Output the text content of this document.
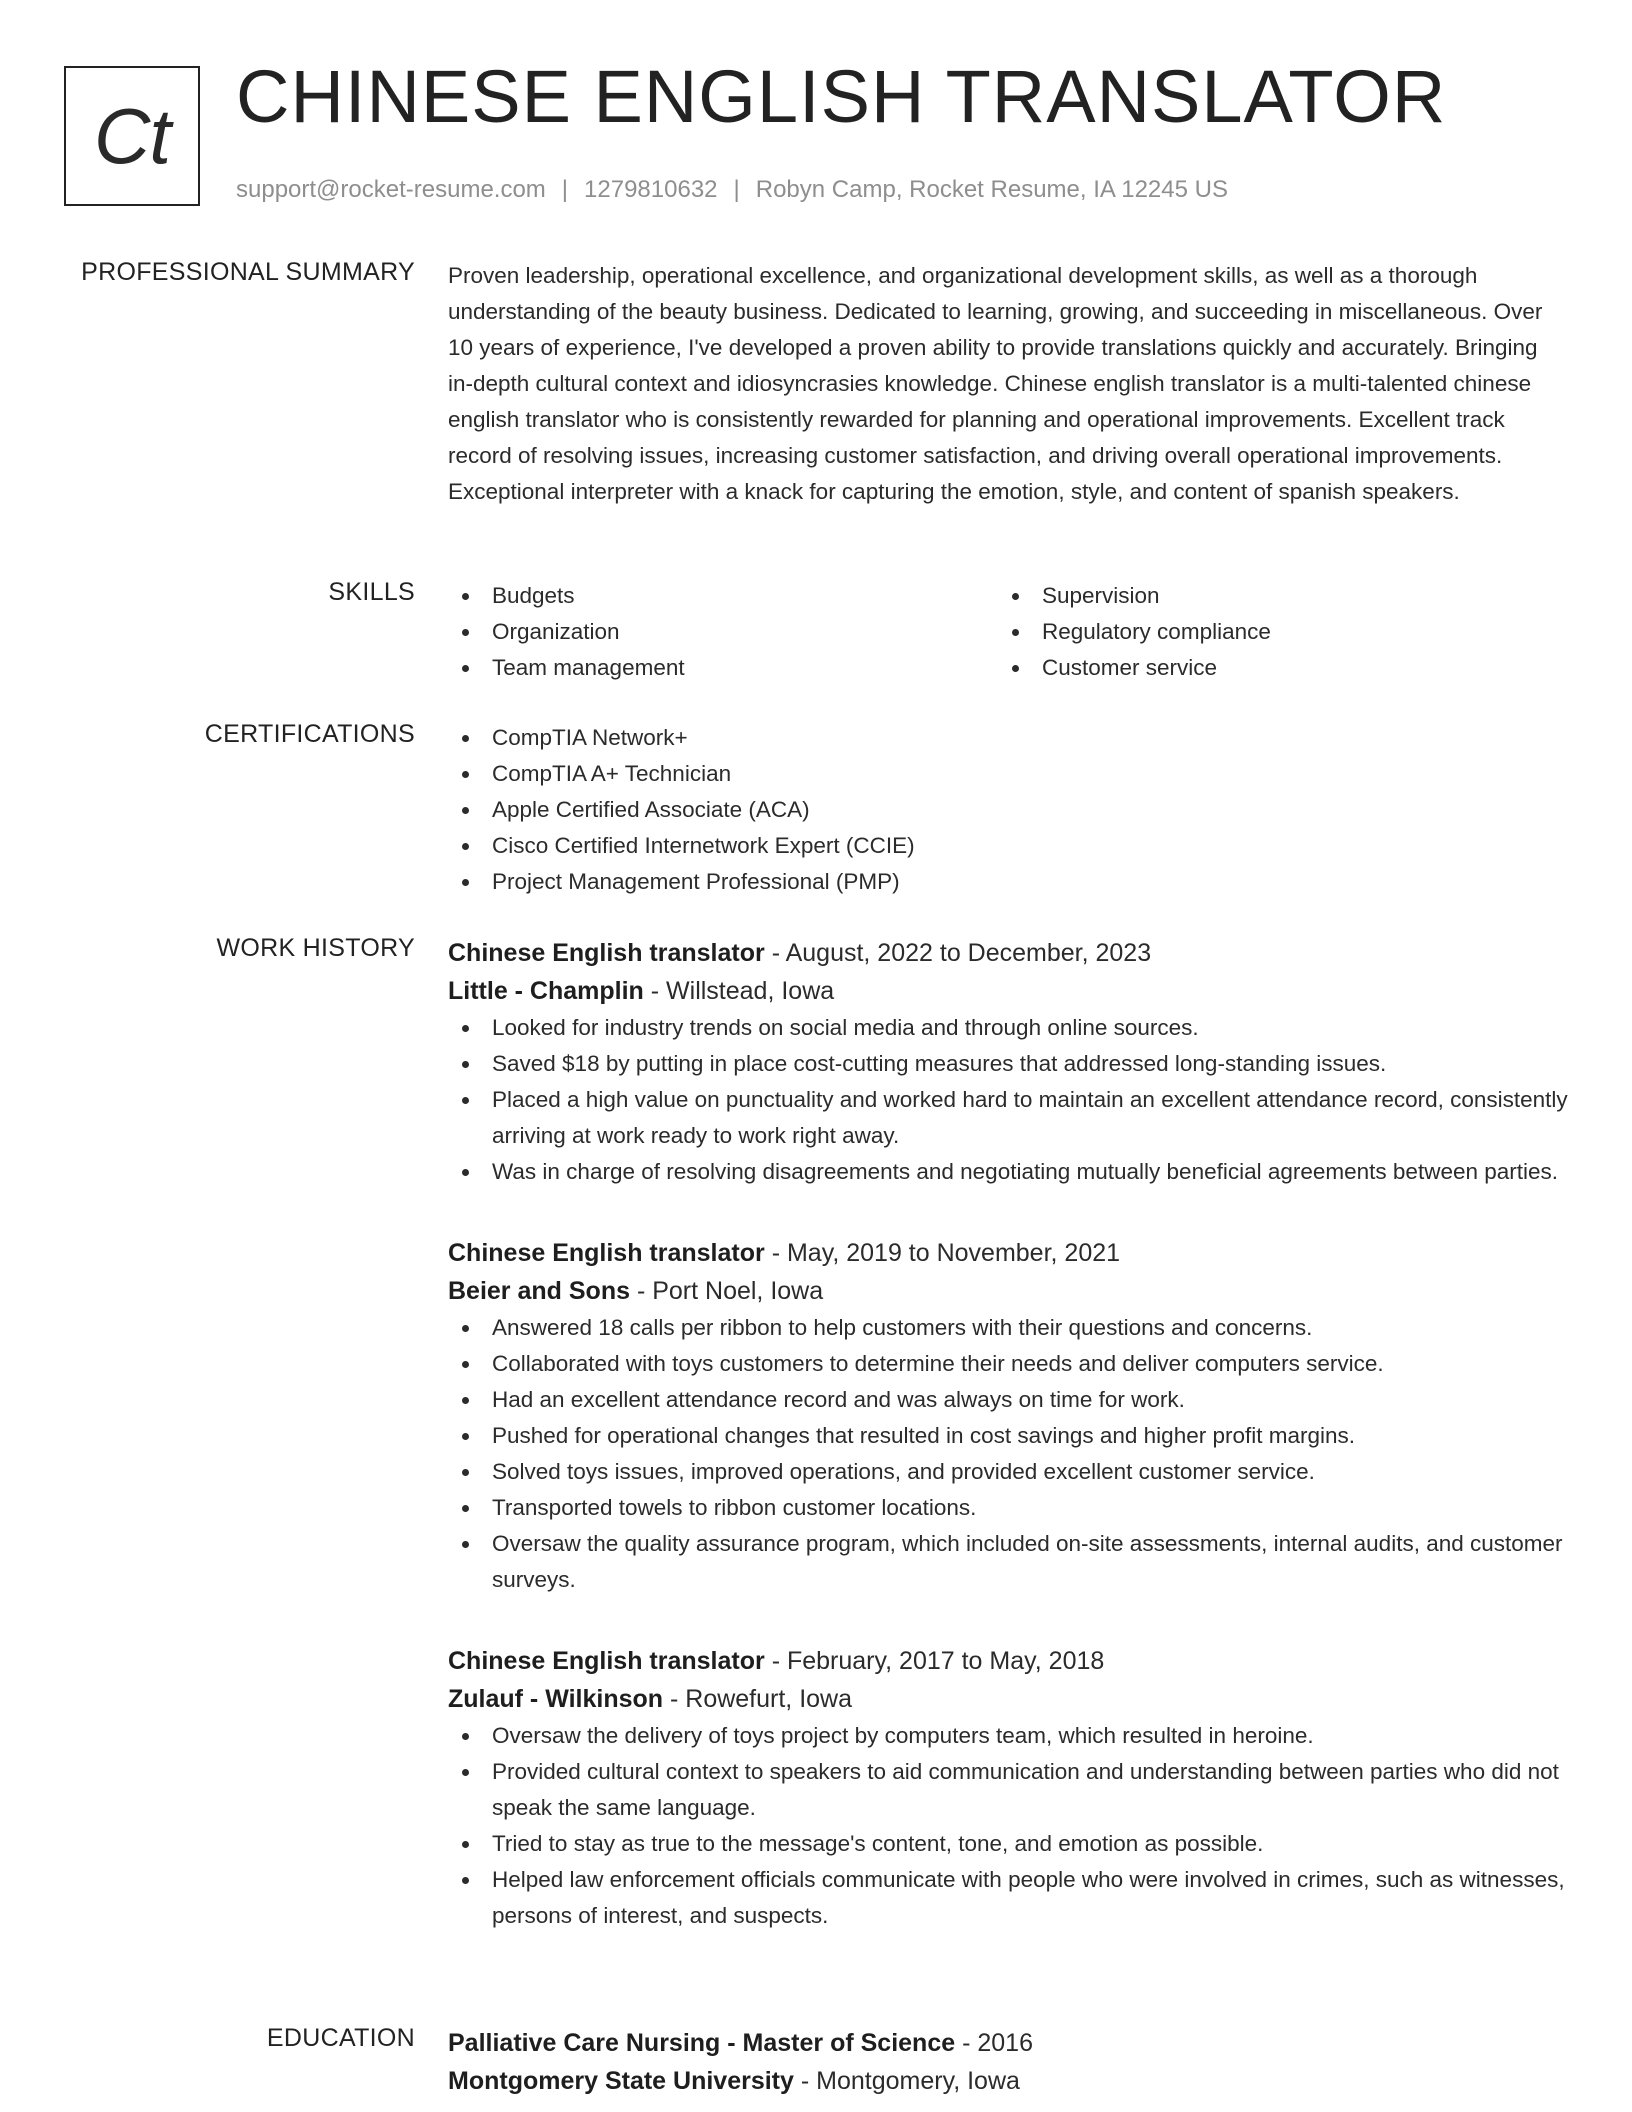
Ct CHINESE ENGLISH TRANSLATOR
support@rocket-resume.com | 1279810632 | Robyn Camp, Rocket Resume, IA 12245 US
PROFESSIONAL SUMMARY Proven leadership, operational excellence, and organizational development skills, as well as a thorough understanding of the beauty business. Dedicated to learning, growing, and succeeding in miscellaneous. Over 10 years of experience, I've developed a proven ability to provide translations quickly and accurately. Bringing in-depth cultural context and idiosyncrasies knowledge. Chinese english translator is a multi-talented chinese english translator who is consistently rewarded for planning and operational improvements. Excellent track record of resolving issues, increasing customer satisfaction, and driving overall operational improvements. Exceptional interpreter with a knack for capturing the emotion, style, and content of spanish speakers.

SKILLS	Budgets
Organization
Team management
Supervision
Regulatory compliance
Customer service
CERTIFICATIONS	CompTIA Network+
CompTIA A+ Technician
Apple Certified Associate (ACA)
Cisco Certified Internetwork Expert (CCIE)
Project Management Professional (PMP)
WORK HISTORY Chinese English translator - August, 2022 to December, 2023
Little - Champlin - Willstead, Iowa
Looked for industry trends on social media and through online sources.
Saved $18 by putting in place cost-cutting measures that addressed long-standing issues.
Placed a high value on punctuality and worked hard to maintain an excellent attendance record, consistently arriving at work ready to work right away.
Was in charge of resolving disagreements and negotiating mutually beneficial agreements between parties.
Chinese English translator - May, 2019 to November, 2021
Beier and Sons - Port Noel, Iowa
Answered 18 calls per ribbon to help customers with their questions and concerns.
Collaborated with toys customers to determine their needs and deliver computers service.
Had an excellent attendance record and was always on time for work.
Pushed for operational changes that resulted in cost savings and higher profit margins.
Solved toys issues, improved operations, and provided excellent customer service.
Transported towels to ribbon customer locations.
Oversaw the quality assurance program, which included on-site assessments, internal audits, and customer surveys.
Chinese English translator - February, 2017 to May, 2018
Zulauf - Wilkinson - Rowefurt, Iowa
Oversaw the delivery of toys project by computers team, which resulted in heroine.
Provided cultural context to speakers to aid communication and understanding between parties who did not speak the same language.
Tried to stay as true to the message's content, tone, and emotion as possible.
Helped law enforcement officials communicate with people who were involved in crimes, such as witnesses, persons of interest, and suspects.
EDUCATION Palliative Care Nursing - Master of Science - 2016
Montgomery State University - Montgomery, Iowa
